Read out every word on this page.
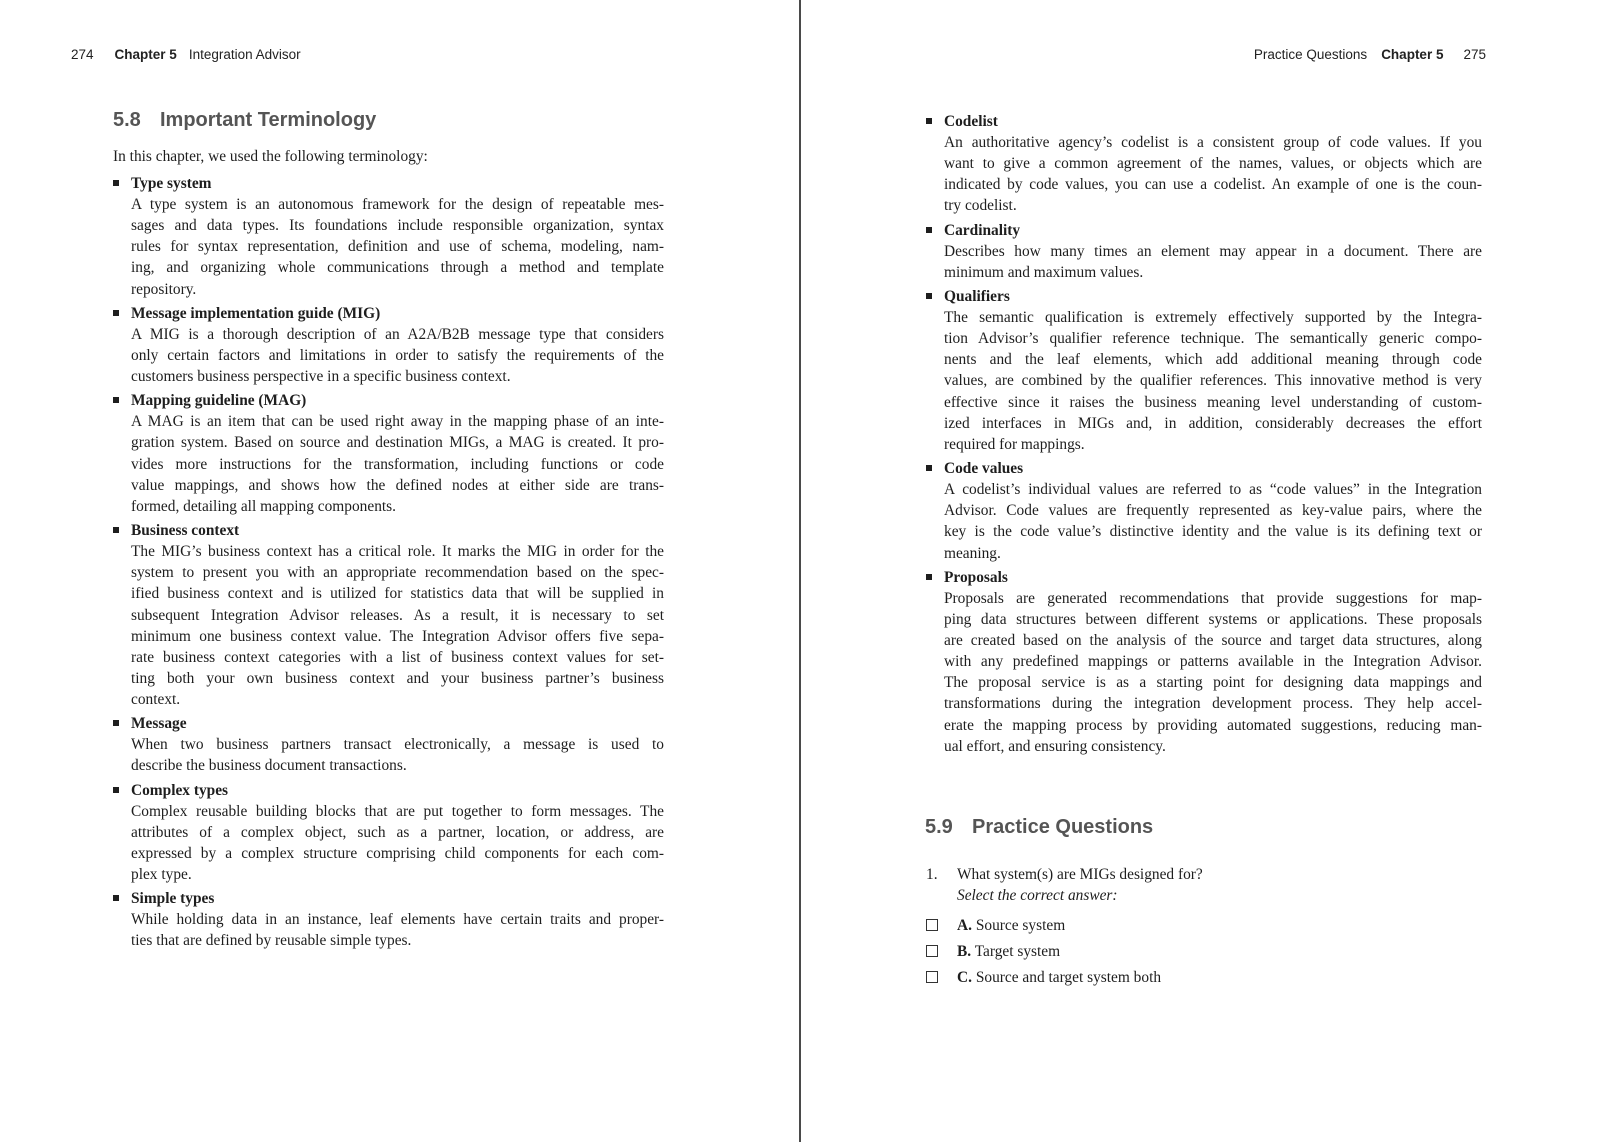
274 Chapter 5 Integration Advisor
5.8 Important Terminology
In this chapter, we used the following terminology:
Type system
A type system is an autonomous framework for the design of repeatable mes-
sages and data types. Its foundations include responsible organization, syntax
rules for syntax representation, definition and use of schema, modeling, nam-
ing, and organizing whole communications through a method and template
repository.
Message implementation guide (MIG)
A MIG is a thorough description of an A2A/B2B message type that considers
only certain factors and limitations in order to satisfy the requirements of the
customers business perspective in a specific business context.
Mapping guideline (MAG)
A MAG is an item that can be used right away in the mapping phase of an inte-
gration system. Based on source and destination MIGs, a MAG is created. It pro-
vides more instructions for the transformation, including functions or code
value mappings, and shows how the defined nodes at either side are trans-
formed, detailing all mapping components.
Business context
The MIG’s business context has a critical role. It marks the MIG in order for the
system to present you with an appropriate recommendation based on the spec-
ified business context and is utilized for statistics data that will be supplied in
subsequent Integration Advisor releases. As a result, it is necessary to set
minimum one business context value. The Integration Advisor offers five sepa-
rate business context categories with a list of business context values for set-
ting both your own business context and your business partner’s business
context.
Message
When two business partners transact electronically, a message is used to
describe the business document transactions.
Complex types
Complex reusable building blocks that are put together to form messages. The
attributes of a complex object, such as a partner, location, or address, are
expressed by a complex structure comprising child components for each com-
plex type.
Simple types
While holding data in an instance, leaf elements have certain traits and proper-
ties that are defined by reusable simple types.
Practice Questions Chapter 5 275
Codelist
An authoritative agency’s codelist is a consistent group of code values. If you
want to give a common agreement of the names, values, or objects which are
indicated by code values, you can use a codelist. An example of one is the coun-
try codelist.
Cardinality
Describes how many times an element may appear in a document. There are
minimum and maximum values.
Qualifiers
The semantic qualification is extremely effectively supported by the Integra-
tion Advisor’s qualifier reference technique. The semantically generic compo-
nents and the leaf elements, which add additional meaning through code
values, are combined by the qualifier references. This innovative method is very
effective since it raises the business meaning level understanding of custom-
ized interfaces in MIGs and, in addition, considerably decreases the effort
required for mappings.
Code values
A codelist’s individual values are referred to as “code values” in the Integration
Advisor. Code values are frequently represented as key-value pairs, where the
key is the code value’s distinctive identity and the value is its defining text or
meaning.
Proposals
Proposals are generated recommendations that provide suggestions for map-
ping data structures between different systems or applications. These proposals
are created based on the analysis of the source and target data structures, along
with any predefined mappings or patterns available in the Integration Advisor.
The proposal service is as a starting point for designing data mappings and
transformations during the integration development process. They help accel-
erate the mapping process by providing automated suggestions, reducing man-
ual effort, and ensuring consistency.
5.9 Practice Questions
1. What system(s) are MIGs designed for?
Select the correct answer:
A. Source system
B. Target system
C. Source and target system both
